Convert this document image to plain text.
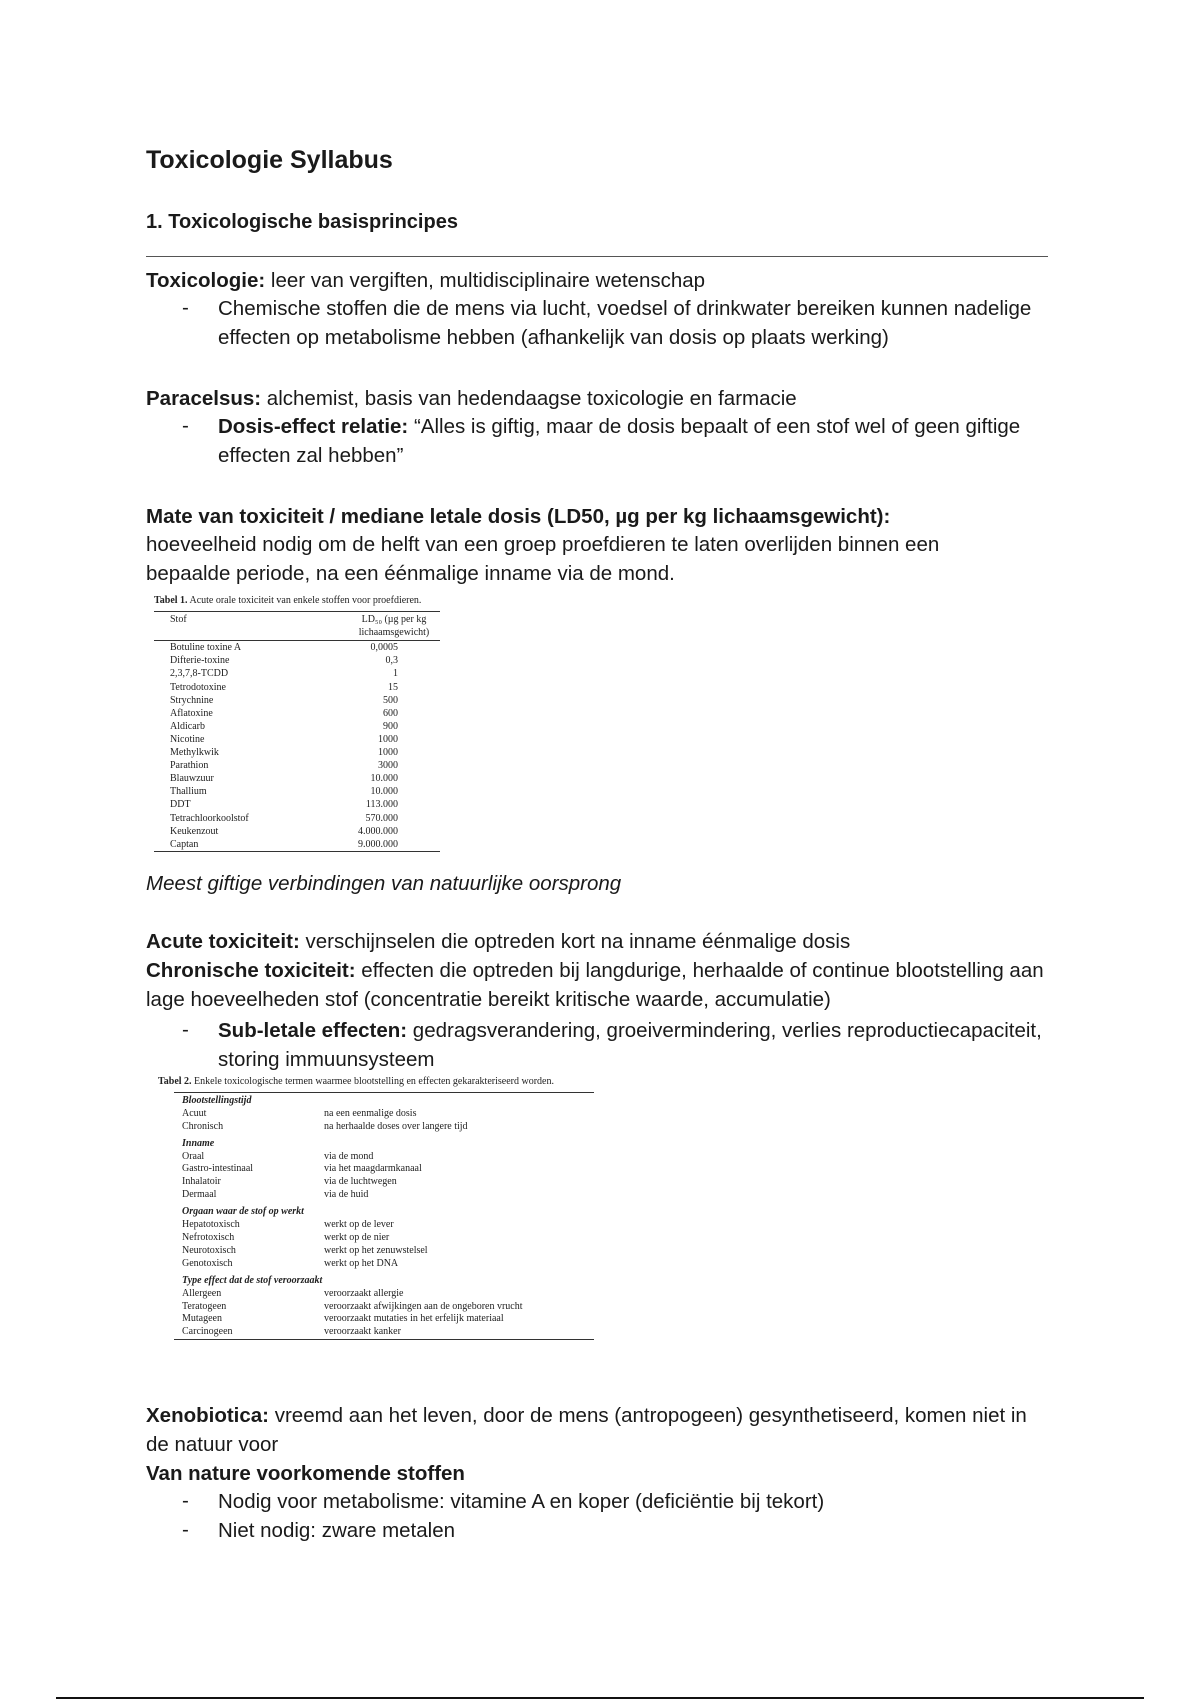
Toxicologie Syllabus
1. Toxicologische basisprincipes
Toxicologie: leer van vergiften, multidisciplinaire wetenschap
- Chemische stoffen die de mens via lucht, voedsel of drinkwater bereiken kunnen nadelige effecten op metabolisme hebben (afhankelijk van dosis op plaats werking)
Paracelsus: alchemist, basis van hedendaagse toxicologie en farmacie
- Dosis-effect relatie: “Alles is giftig, maar de dosis bepaalt of een stof wel of geen giftige effecten zal hebben”
Mate van toxiciteit / mediane letale dosis (LD50, µg per kg lichaamsgewicht):
hoeveelheid nodig om de helft van een groep proefdieren te laten overlijden binnen een bepaalde periode, na een éénmalige inname via de mond.
Tabel 1. Acute orale toxiciteit van enkele stoffen voor proefdieren.
Stof	LD₅₀ (µg per kg
lichaamsgewicht)
Botuline toxine A	0,0005
Difterie-toxine	0,3
2,3,7,8-TCDD	1
Tetrodotoxine	15
Strychnine	500
Aflatoxine	600
Aldicarb	900
Nicotine	1000
Methylkwik	1000
Parathion	3000
Blauwzuur	10.000
Thallium	10.000
DDT	113.000
Tetrachloorkoolstof	570.000
Keukenzout	4.000.000
Captan	9.000.000
Meest giftige verbindingen van natuurlijke oorsprong
Acute toxiciteit: verschijnselen die optreden kort na inname éénmalige dosis
Chronische toxiciteit: effecten die optreden bij langdurige, herhaalde of continue blootstelling aan lage hoeveelheden stof (concentratie bereikt kritische waarde, accumulatie)
- Sub-letale effecten: gedragsverandering, groeivermindering, verlies reproductiecapaciteit, storing immuunsysteem
Tabel 2. Enkele toxicologische termen waarmee blootstelling en effecten gekarakteriseerd worden.
Blootstellingstijd
Acuut	na een eenmalige dosis
Chronisch	na herhaalde doses over langere tijd
Inname
Oraal	via de mond
Gastro-intestinaal	via het maagdarmkanaal
Inhalatoir	via de luchtwegen
Dermaal	via de huid
Orgaan waar de stof op werkt
Hepatotoxisch	werkt op de lever
Nefrotoxisch	werkt op de nier
Neurotoxisch	werkt op het zenuwstelsel
Genotoxisch	werkt op het DNA
Type effect dat de stof veroorzaakt
Allergeen	veroorzaakt allergie
Teratogeen	veroorzaakt afwijkingen aan de ongeboren vrucht
Mutageen	veroorzaakt mutaties in het erfelijk materiaal
Carcinogeen	veroorzaakt kanker
Xenobiotica: vreemd aan het leven, door de mens (antropogeen) gesynthetiseerd, komen niet in de natuur voor
Van nature voorkomende stoffen
- Nodig voor metabolisme: vitamine A en koper (deficiëntie bij tekort)
- Niet nodig: zware metalen
